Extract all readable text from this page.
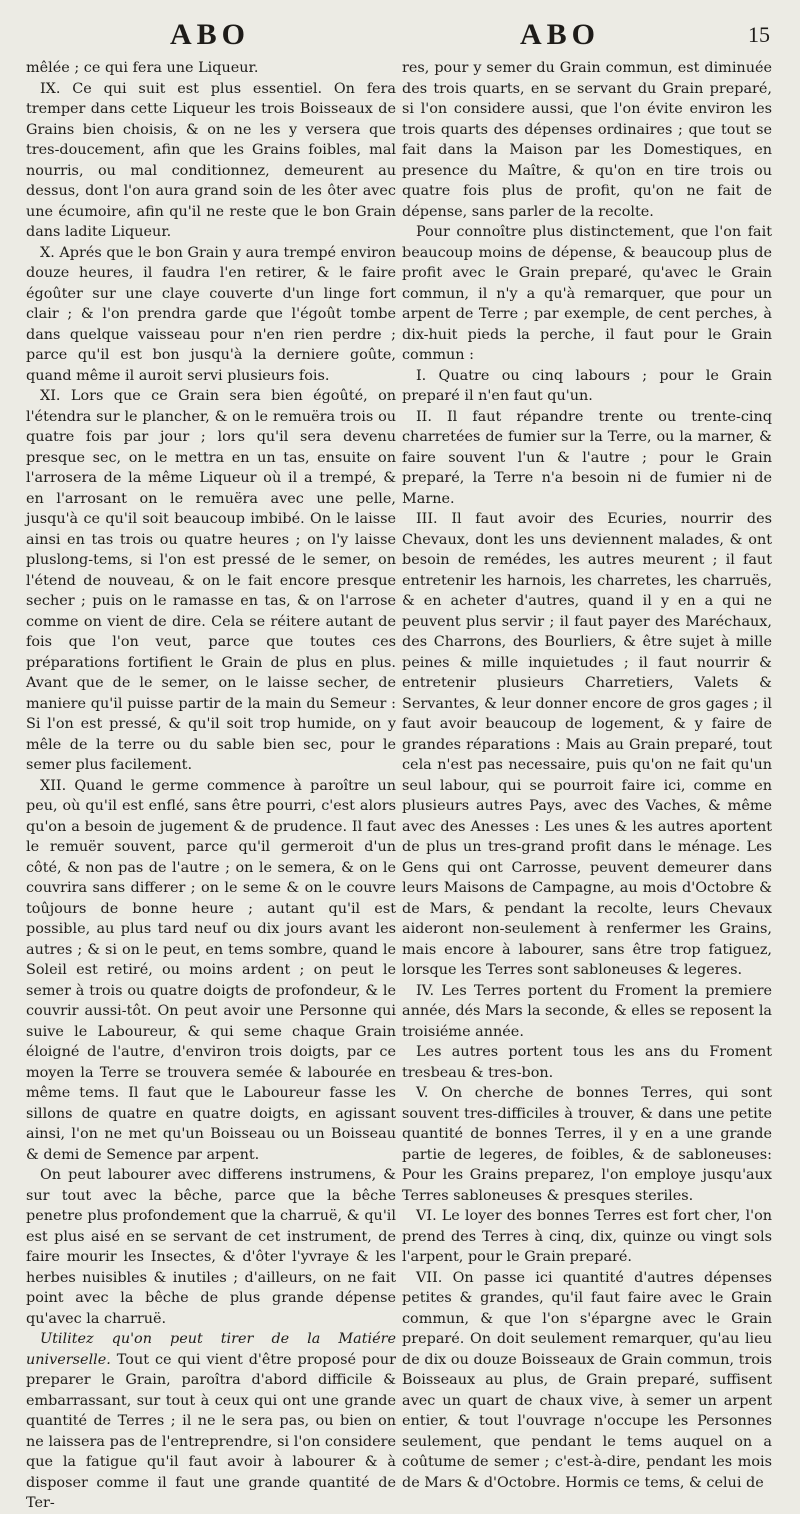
ABO	ABO	15

mêlée ; ce qui fera une Liqueur.

IX. Ce qui suit est plus essentiel. On fera tremper dans cette Liqueur les trois Boisseaux de Grains bien choisis, & on ne les y versera que tres-doucement, afin que les Grains foibles, mal nourris, ou mal conditionnez, demeurent au dessus, dont l'on aura grand soin de les ôter avec une écumoire, afin qu'il ne reste que le bon Grain dans ladite Liqueur.

X. Aprés que le bon Grain y aura trempé environ douze heures, il faudra l'en retirer, & le faire égoûter sur une claye couverte d'un linge fort clair ; & l'on prendra garde que l'égoût tombe dans quelque vaisseau pour n'en rien perdre ; parce qu'il est bon jusqu'à la derniere goûte, quand même il auroit servi plusieurs fois.

XI. Lors que ce Grain sera bien égoûté, on l'étendra sur le plancher, & on le remuëra trois ou quatre fois par jour ; lors qu'il sera devenu presque sec, on le mettra en un tas, ensuite on l'arrosera de la même Liqueur où il a trempé, & en l'arrosant on le remuëra avec une pelle, jusqu'à ce qu'il soit beaucoup imbibé. On le laisse ainsi en tas trois ou quatre heures ; on l'y laisse pluslong-tems, si l'on est pressé de le semer, on l'étend de nouveau, & on le fait encore presque secher ; puis on le ramasse en tas, & on l'arrose comme on vient de dire. Cela se réitere autant de fois que l'on veut, parce que toutes ces préparations fortifient le Grain de plus en plus. Avant que de le semer, on le laisse secher, de maniere qu'il puisse partir de la main du Semeur : Si l'on est pressé, & qu'il soit trop humide, on y mêle de la terre ou du sable bien sec, pour le semer plus facilement.

XII. Quand le germe commence à paroître un peu, où qu'il est enflé, sans être pourri, c'est alors qu'on a besoin de jugement & de prudence. Il faut le remuër souvent, parce qu'il germeroit d'un côté, & non pas de l'autre ; on le semera, & on le couvrira sans differer ; on le seme & on le couvre toûjours de bonne heure ; autant qu'il est possible, au plus tard neuf ou dix jours avant les autres ; & si on le peut, en tems sombre, quand le Soleil est retiré, ou moins ardent ; on peut le semer à trois ou quatre doigts de profondeur, & le couvrir aussi-tôt. On peut avoir une Personne qui suive le Laboureur, & qui seme chaque Grain éloigné de l'autre, d'environ trois doigts, par ce moyen la Terre se trouvera semée & labourée en même tems. Il faut que le Laboureur fasse les sillons de quatre en quatre doigts, en agissant ainsi, l'on ne met qu'un Boisseau ou un Boisseau & demi de Semence par arpent.

On peut labourer avec differens instrumens, & sur tout avec la bêche, parce que la bêche penetre plus profondement que la charruë, & qu'il est plus aisé en se servant de cet instrument, de faire mourir les Insectes, & d'ôter l'yvraye & les herbes nuisibles & inutiles ; d'ailleurs, on ne fait point avec la bêche de plus grande dépense qu'avec la charruë.

Utilitez qu'on peut tirer de la Matiére universelle. Tout ce qui vient d'être proposé pour preparer le Grain, paroîtra d'abord difficile & embarrassant, sur tout à ceux qui ont une grande quantité de Terres ; il ne le sera pas, ou bien on ne laissera pas de l'entreprendre, si l'on considere que la fatigue qu'il faut avoir à labourer & à disposer comme il faut une grande quantité de Ter-

res, pour y semer du Grain commun, est diminuée des trois quarts, en se servant du Grain preparé, si l'on considere aussi, que l'on évite environ les trois quarts des dépenses ordinaires ; que tout se fait dans la Maison par les Domestiques, en presence du Maître, & qu'on en tire trois ou quatre fois plus de profit, qu'on ne fait de dépense, sans parler de la recolte.

Pour connoître plus distinctement, que l'on fait beaucoup moins de dépense, & beaucoup plus de profit avec le Grain preparé, qu'avec le Grain commun, il n'y a qu'à remarquer, que pour un arpent de Terre ; par exemple, de cent perches, à dix-huit pieds la perche, il faut pour le Grain commun :

I. Quatre ou cinq labours ; pour le Grain preparé il n'en faut qu'un.

II. Il faut répandre trente ou trente-cinq charretées de fumier sur la Terre, ou la marner, & faire souvent l'un & l'autre ; pour le Grain preparé, la Terre n'a besoin ni de fumier ni de Marne.

III. Il faut avoir des Ecuries, nourrir des Chevaux, dont les uns deviennent malades, & ont besoin de remédes, les autres meurent ; il faut entretenir les harnois, les charretes, les charruës, & en acheter d'autres, quand il y en a qui ne peuvent plus servir ; il faut payer des Maréchaux, des Charrons, des Bourliers, & être sujet à mille peines & mille inquietudes ; il faut nourrir & entretenir plusieurs Charretiers, Valets & Servantes, & leur donner encore de gros gages ; il faut avoir beaucoup de logement, & y faire de grandes réparations : Mais au Grain preparé, tout cela n'est pas necessaire, puis qu'on ne fait qu'un seul labour, qui se pourroit faire ici, comme en plusieurs autres Pays, avec des Vaches, & même avec des Anesses : Les unes & les autres aportent de plus un tres-grand profit dans le ménage. Les Gens qui ont Carrosse, peuvent demeurer dans leurs Maisons de Campagne, au mois d'Octobre & de Mars, & pendant la recolte, leurs Chevaux aideront non-seulement à renfermer les Grains, mais encore à labourer, sans être trop fatiguez, lorsque les Terres sont sabloneuses & legeres.

IV. Les Terres portent du Froment la premiere année, dés Mars la seconde, & elles se reposent la troisiéme année.

Les autres portent tous les ans du Froment tresbeau & tres-bon.

V. On cherche de bonnes Terres, qui sont souvent tres-difficiles à trouver, & dans une petite quantité de bonnes Terres, il y en a une grande partie de legeres, de foibles, & de sabloneuses: Pour les Grains preparez, l'on employe jusqu'aux Terres sabloneuses & presques steriles.

VI. Le loyer des bonnes Terres est fort cher, l'on prend des Terres à cinq, dix, quinze ou vingt sols l'arpent, pour le Grain preparé.

VII. On passe ici quantité d'autres dépenses petites & grandes, qu'il faut faire avec le Grain commun, & que l'on s'épargne avec le Grain preparé. On doit seulement remarquer, qu'au lieu de dix ou douze Boisseaux de Grain commun, trois Boisseaux au plus, de Grain preparé, suffisent avec un quart de chaux vive, à semer un arpent entier, & tout l'ouvrage n'occupe les Personnes seulement, que pendant le tems auquel on a coûtume de semer ; c'est-à-dire, pendant les mois de Mars & d'Octobre. Hormis ce tems, & celui de
